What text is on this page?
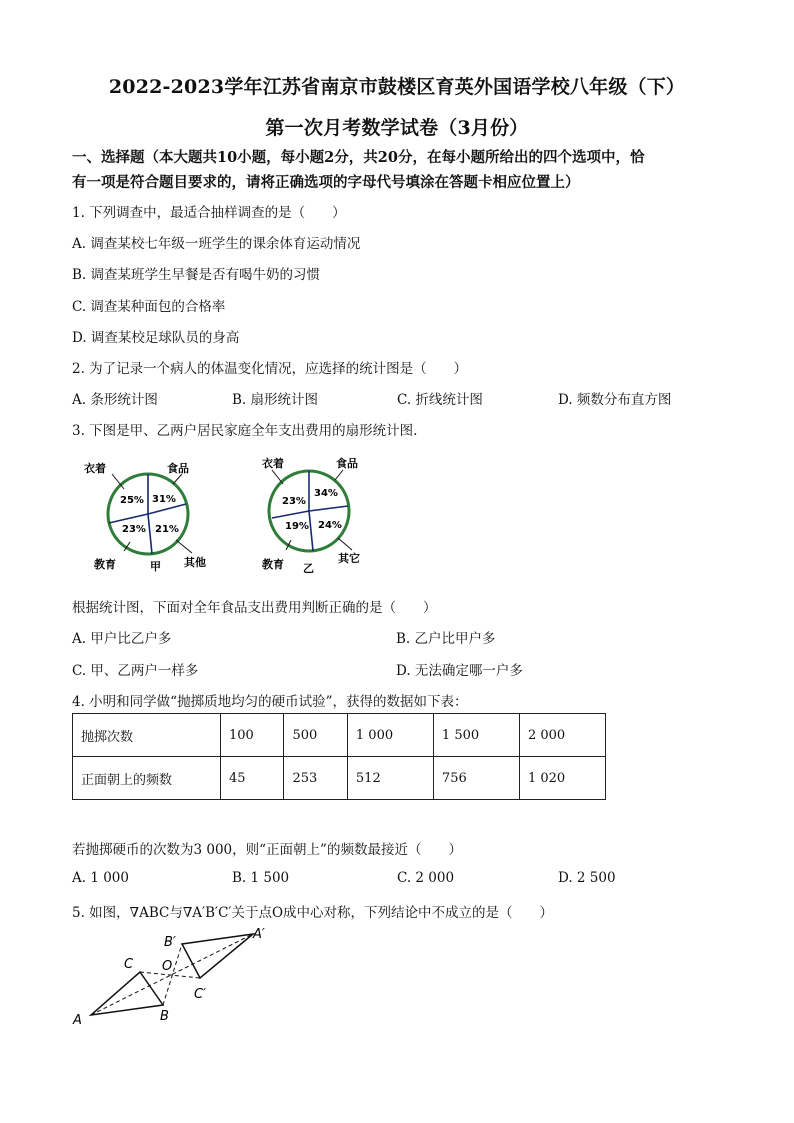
2022-2023学年江苏省南京市鼓楼区育英外国语学校八年级（下）
第一次月考数学试卷（3月份）
一、选择题（本大题共10小题，每小题2分，共20分，在每小题所给出的四个选项中，恰
有一项是符合题目要求的，请将正确选项的字母代号填涂在答题卡相应位置上）
1. 下列调查中，最适合抽样调查的是（　　）
A. 调查某校七年级一班学生的课余体育运动情况
B. 调查某班学生早餐是否有喝牛奶的习惯
C. 调查某种面包的合格率
D. 调查某校足球队员的身高
2. 为了记录一个病人的体温变化情况，应选择的统计图是（　　）
A. 条形统计图	B. 扇形统计图	C. 折线统计图	D. 频数分布直方图
3. 下图是甲、乙两户居民家庭全年支出费用的扇形统计图.
25% 31%
23% 21%
衣着	食品
教育	其他
甲
23%
34%
19% 24%
衣着	食品
教育	其它
乙
根据统计图，下面对全年食品支出费用判断正确的是（　　）
A. 甲户比乙户多	B. 乙户比甲户多
C. 甲、乙两户一样多	D. 无法确定哪一户多
4. 小明和同学做“抛掷质地均匀的硬币试验”，获得的数据如下表：
抛掷次数	100	500	1 000	1 500	2 000
正面朝上的频数	45	253	512	756	1 020
若抛掷硬币的次数为3 000，则“正面朝上”的频数最接近（　　）
A. 1 000	B. 1 500	C. 2 000	D. 2 500
5. 如图，∇ABC与∇A′B′C′关于点O成中心对称，下列结论中不成立的是（　　）
A	B
C O
A′
B′
C′
